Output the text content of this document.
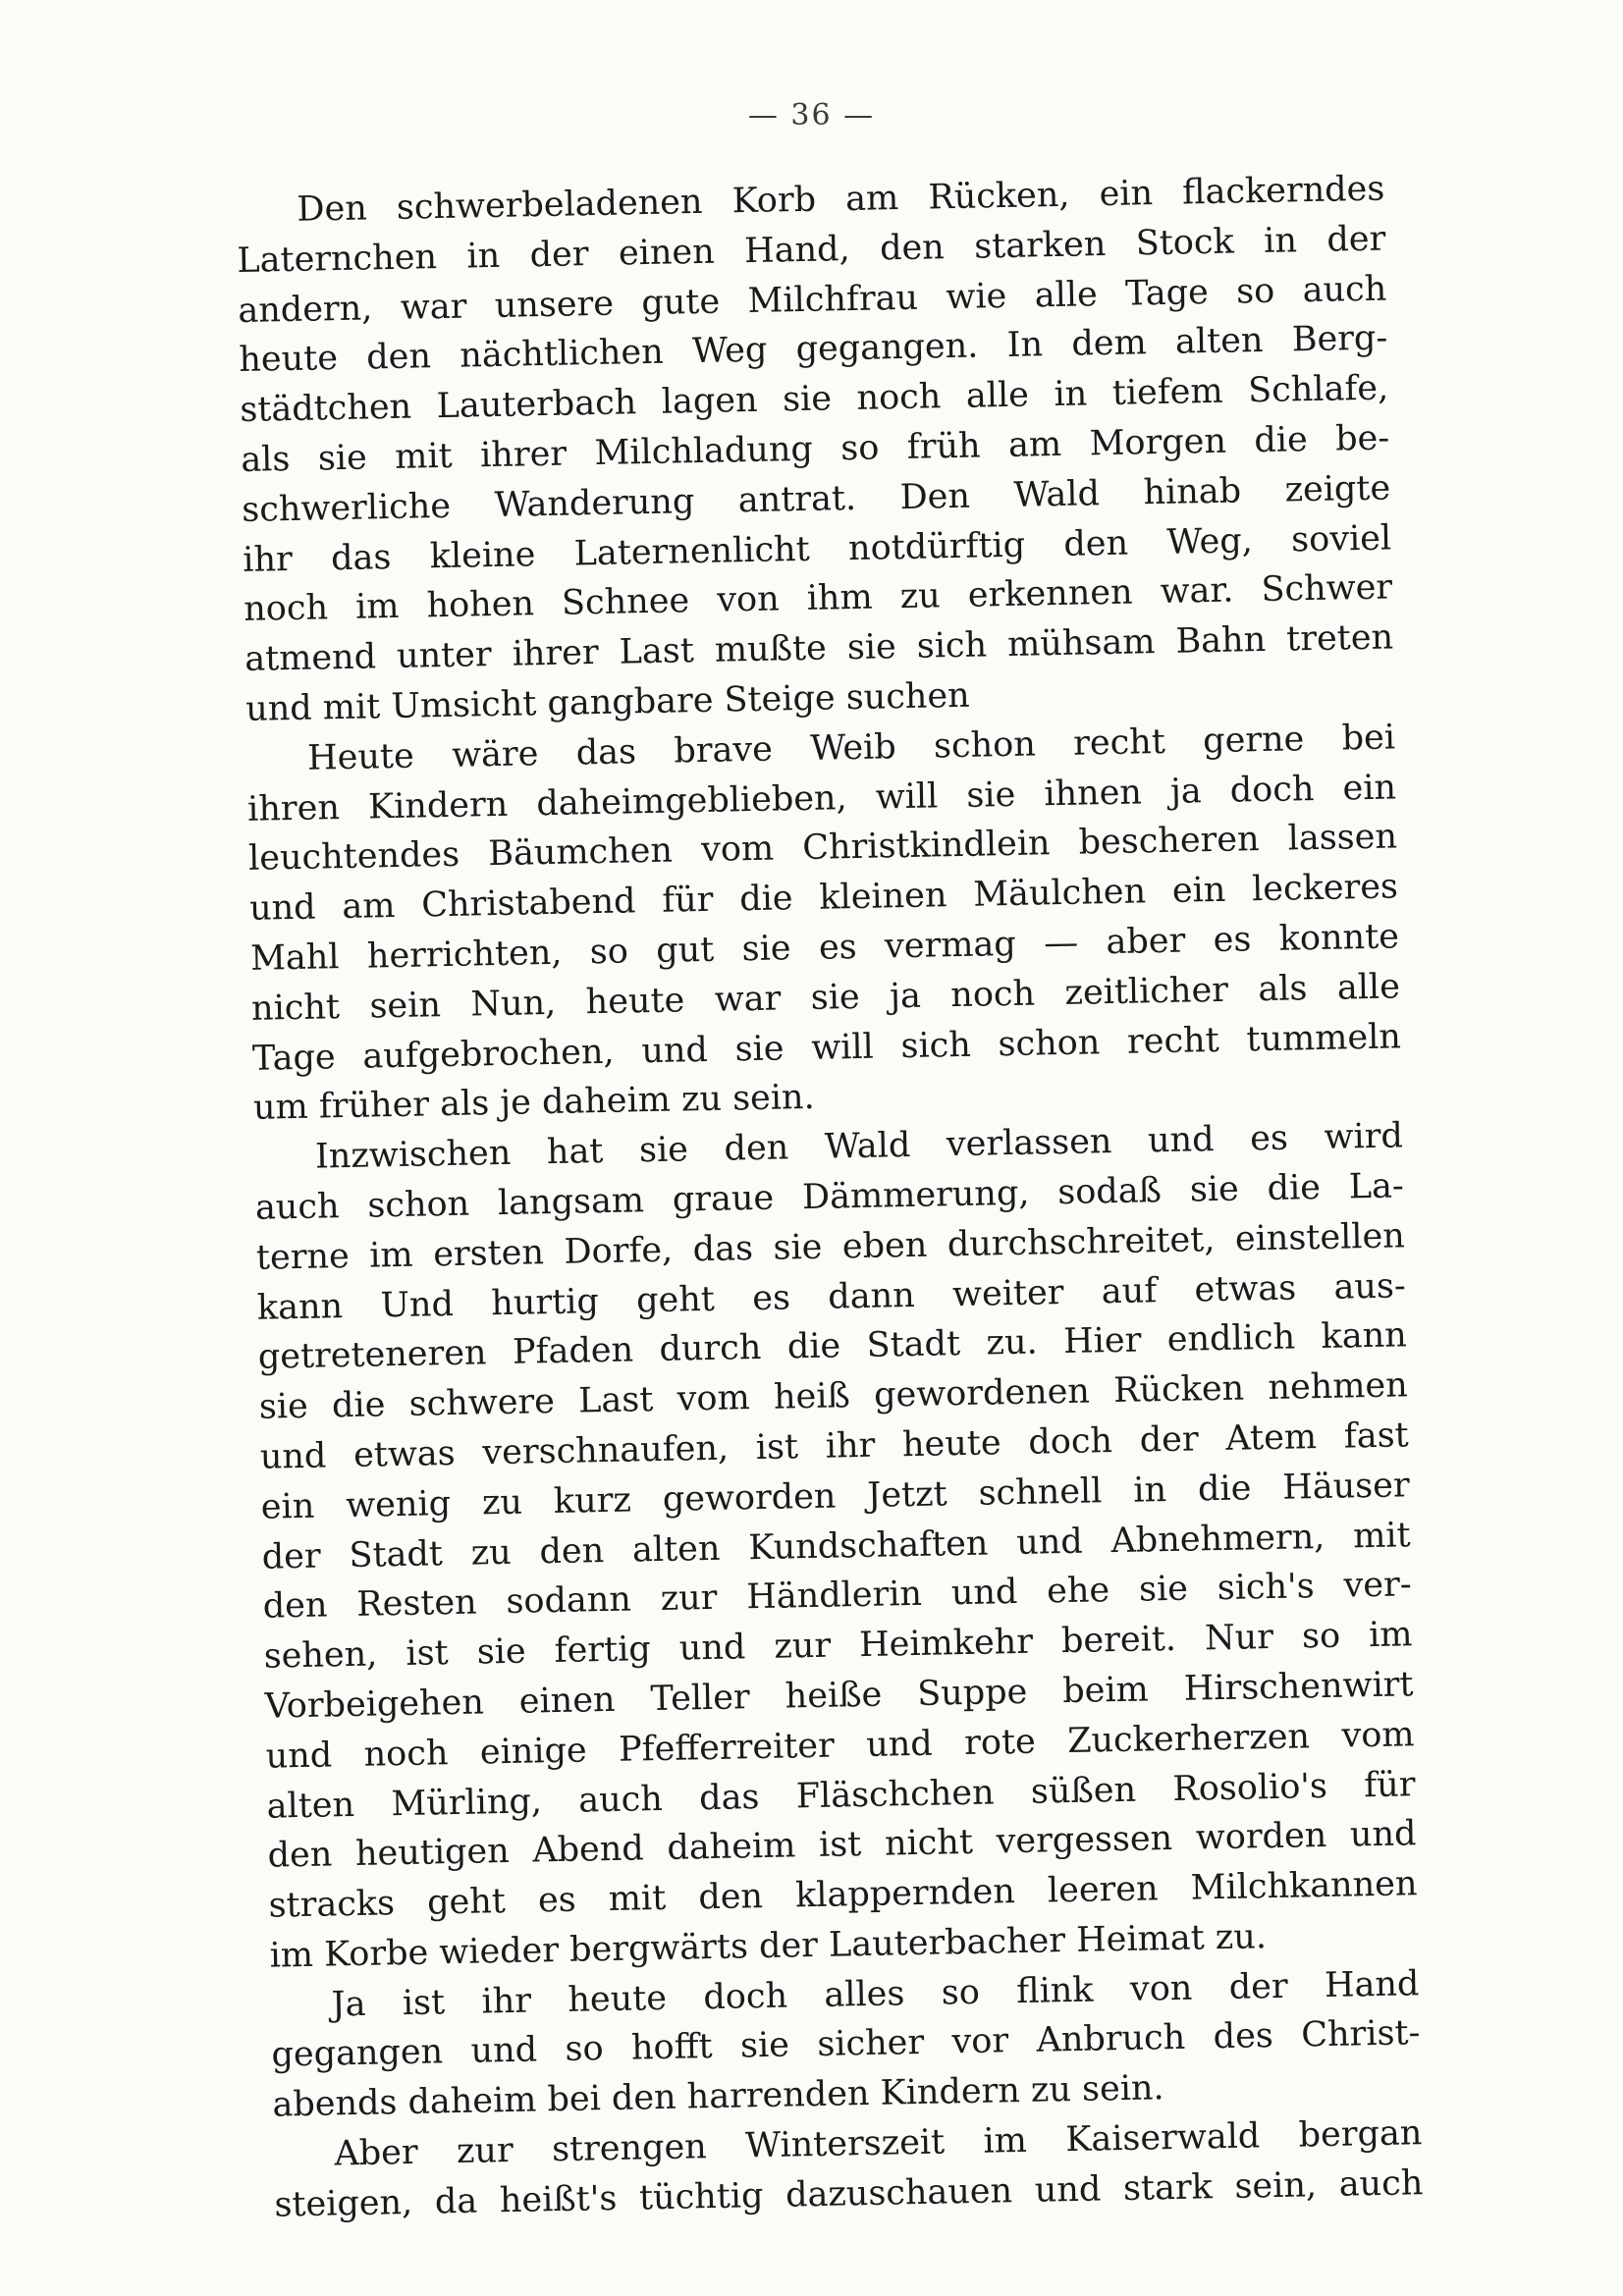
— 36 —
Den schwerbeladenen Korb am Rücken, ein flackerndes
Laternchen in der einen Hand, den starken Stock in der
andern, war unsere gute Milchfrau wie alle Tage so auch
heute den nächtlichen Weg gegangen. In dem alten Berg-
städtchen Lauterbach lagen sie noch alle in tiefem Schlafe,
als sie mit ihrer Milchladung so früh am Morgen die be-
schwerliche Wanderung antrat. Den Wald hinab zeigte
ihr das kleine Laternenlicht notdürftig den Weg, soviel
noch im hohen Schnee von ihm zu erkennen war. Schwer
atmend unter ihrer Last mußte sie sich mühsam Bahn treten
und mit Umsicht gangbare Steige suchen
Heute wäre das brave Weib schon recht gerne bei
ihren Kindern daheimgeblieben, will sie ihnen ja doch ein
leuchtendes Bäumchen vom Christkindlein bescheren lassen
und am Christabend für die kleinen Mäulchen ein leckeres
Mahl herrichten, so gut sie es vermag — aber es konnte
nicht sein Nun, heute war sie ja noch zeitlicher als alle
Tage aufgebrochen, und sie will sich schon recht tummeln
um früher als je daheim zu sein.
Inzwischen hat sie den Wald verlassen und es wird
auch schon langsam graue Dämmerung, sodaß sie die La-
terne im ersten Dorfe, das sie eben durchschreitet, einstellen
kann Und hurtig geht es dann weiter auf etwas aus-
getreteneren Pfaden durch die Stadt zu. Hier endlich kann
sie die schwere Last vom heiß gewordenen Rücken nehmen
und etwas verschnaufen, ist ihr heute doch der Atem fast
ein wenig zu kurz geworden Jetzt schnell in die Häuser
der Stadt zu den alten Kundschaften und Abnehmern, mit
den Resten sodann zur Händlerin und ehe sie sich's ver-
sehen, ist sie fertig und zur Heimkehr bereit. Nur so im
Vorbeigehen einen Teller heiße Suppe beim Hirschenwirt
und noch einige Pfefferreiter und rote Zuckerherzen vom
alten Mürling, auch das Fläschchen süßen Rosolio's für
den heutigen Abend daheim ist nicht vergessen worden und
stracks geht es mit den klappernden leeren Milchkannen
im Korbe wieder bergwärts der Lauterbacher Heimat zu.
Ja ist ihr heute doch alles so flink von der Hand
gegangen und so hofft sie sicher vor Anbruch des Christ-
abends daheim bei den harrenden Kindern zu sein.
Aber zur strengen Winterszeit im Kaiserwald bergan
steigen, da heißt's tüchtig dazuschauen und stark sein, auch
